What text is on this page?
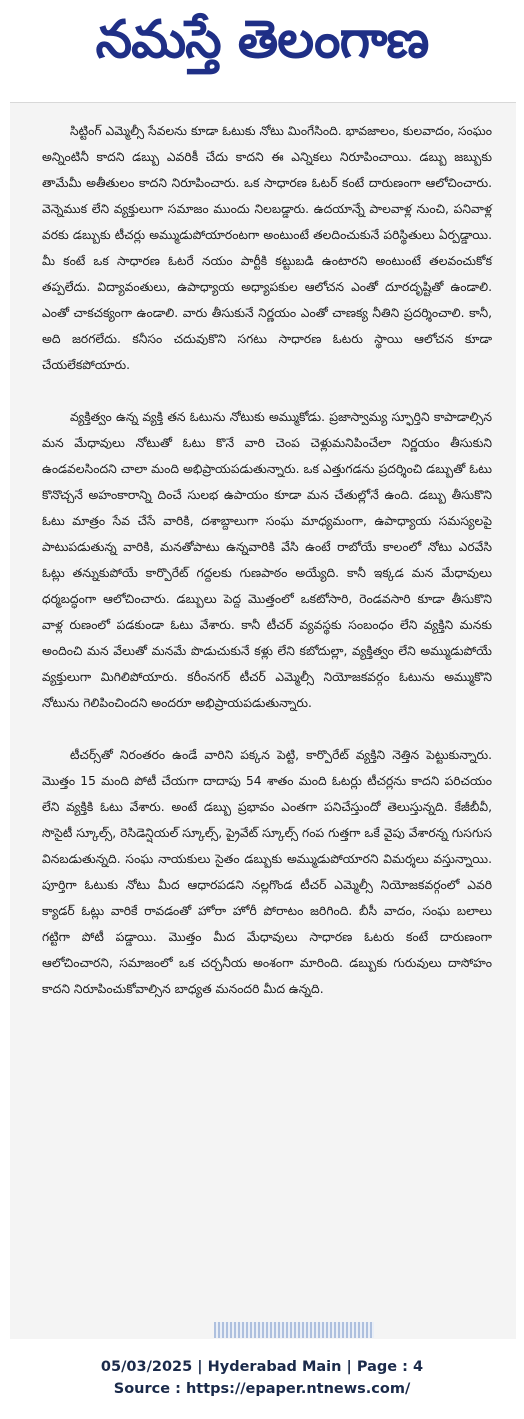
నమస్తే తెలంగాణ

సిట్టింగ్ ఎమ్మెల్సీ సేవలను కూడా ఓటుకు నోటు మింగేసింది. భావజాలం, కులవాదం, సంఘం అన్నింటినీ కాదని డబ్బు ఎవరికీ చేదు కాదని ఈ ఎన్నికలు నిరూపించాయి. డబ్బు జబ్బుకు తామేమీ అతీతులం కాదని నిరూపించారు. ఒక సాధారణ ఓటర్ కంటే దారుణంగా ఆలోచించారు. వెన్నెముక లేని వ్యక్తులుగా సమాజం ముందు నిలబడ్డారు. ఉదయాన్నే పాలవాళ్ల నుంచి, పనివాళ్ల వరకు డబ్బుకు టీచర్లు అమ్ముడుపోయారంటగా అంటుంటే తలదించుకునే పరిస్థితులు ఏర్పడ్డాయి. మీ కంటే ఒక సాధారణ ఓటరే నయం పార్టీకి కట్టుబడి ఉంటారని అంటుంటే తలవంచుకోక తప్పలేదు. విద్యావంతులు, ఉపాధ్యాయ అధ్యాపకుల ఆలోచన ఎంతో దూరదృష్టితో ఉండాలి. ఎంతో చాకచక్యంగా ఉండాలి. వారు తీసుకునే నిర్ణయం ఎంతో చాణక్య నీతిని ప్రదర్శించాలి. కానీ, అది జరగలేదు. కనీసం చదువుకొని సగటు సాధారణ ఓటరు స్థాయి ఆలోచన కూడా చేయలేకపోయారు.

వ్యక్తిత్వం ఉన్న వ్యక్తి తన ఓటును నోటుకు అమ్ముకోడు. ప్రజాస్వామ్య స్ఫూర్తిని కాపాడాల్సిన మన మేధావులు నోటుతో ఓటు కొనే వారి చెంప చెళ్లుమనిపించేలా నిర్ణయం తీసుకుని ఉండవలసిందని చాలా మంది అభిప్రాయపడుతున్నారు. ఒక ఎత్తుగడను ప్రదర్శించి డబ్బుతో ఓటు కొనొచ్చనే అహంకారాన్ని దించే సులభ ఉపాయం కూడా మన చేతుల్లోనే ఉంది. డబ్బు తీసుకొని ఓటు మాత్రం సేవ చేసే వారికి, దశాబ్దాలుగా సంఘ మాధ్యమంగా, ఉపాధ్యాయ సమస్యలపై పాటుపడుతున్న వారికి, మనతోపాటు ఉన్నవారికి వేసి ఉంటే రాబోయే కాలంలో నోటు ఎరవేసి ఓట్లు తన్నుకుపోయే కార్పొరేట్ గద్దలకు గుణపాఠం అయ్యేది. కానీ ఇక్కడ మన మేధావులు ధర్మబద్ధంగా ఆలోచించారు. డబ్బులు పెద్ద మొత్తంలో ఒకటోసారి, రెండవసారి కూడా తీసుకొని వాళ్ల రుణంలో పడకుండా ఓటు వేశారు. కానీ టీచర్ వ్యవస్థకు సంబంధం లేని వ్యక్తిని మనకు అందించి మన వేలుతో మనమే పొడుచుకునే కళ్లు లేని కబోదుల్లా, వ్యక్తిత్వం లేని అమ్ముడుపోయే వ్యక్తులుగా మిగిలిపోయారు. కరీంనగర్ టీచర్ ఎమ్మెల్సీ నియోజకవర్గం ఓటును అమ్ముకొని నోటును గెలిపించిందని అందరూ అభిప్రాయపడుతున్నారు.

టీచర్స్‌తో నిరంతరం ఉండే వారిని పక్కన పెట్టి, కార్పొరేట్ వ్యక్తిని నెత్తిన పెట్టుకున్నారు. మొత్తం 15 మంది పోటీ చేయగా దాదాపు 54 శాతం మంది ఓటర్లు టీచర్లను కాదని పరిచయం లేని వ్యక్తికి ఓటు వేశారు. అంటే డబ్బు ప్రభావం ఎంతగా పనిచేస్తుందో తెలుస్తున్నది. కేజీబీవీ, సొసైటీ స్కూల్స్, రెసిడెన్షియల్ స్కూల్స్, ప్రైవేట్ స్కూల్స్ గంప గుత్తగా ఒకే వైపు వేశారన్న గుసగుస వినబడుతున్నది. సంఘ నాయకులు సైతం డబ్బుకు అమ్ముడుపోయారని విమర్శలు వస్తున్నాయి. పూర్తిగా ఓటుకు నోటు మీద ఆధారపడని నల్లగొండ టీచర్ ఎమ్మెల్సీ నియోజకవర్గంలో ఎవరి క్యాడర్ ఓట్లు వారికే రావడంతో హోరా హోరీ పోరాటం జరిగింది. బీసీ వాదం, సంఘ బలాలు గట్టిగా పోటీ పడ్డాయి. మొత్తం మీద మేధావులు సాధారణ ఓటరు కంటే దారుణంగా ఆలోచించారని, సమాజంలో ఒక చర్చనీయ అంశంగా మారింది. డబ్బుకు గురువులు దాసోహం కాదని నిరూపించుకోవాల్సిన బాధ్యత మనందరి మీద ఉన్నది.

05/03/2025 | Hyderabad Main | Page : 4
Source : https://epaper.ntnews.com/
